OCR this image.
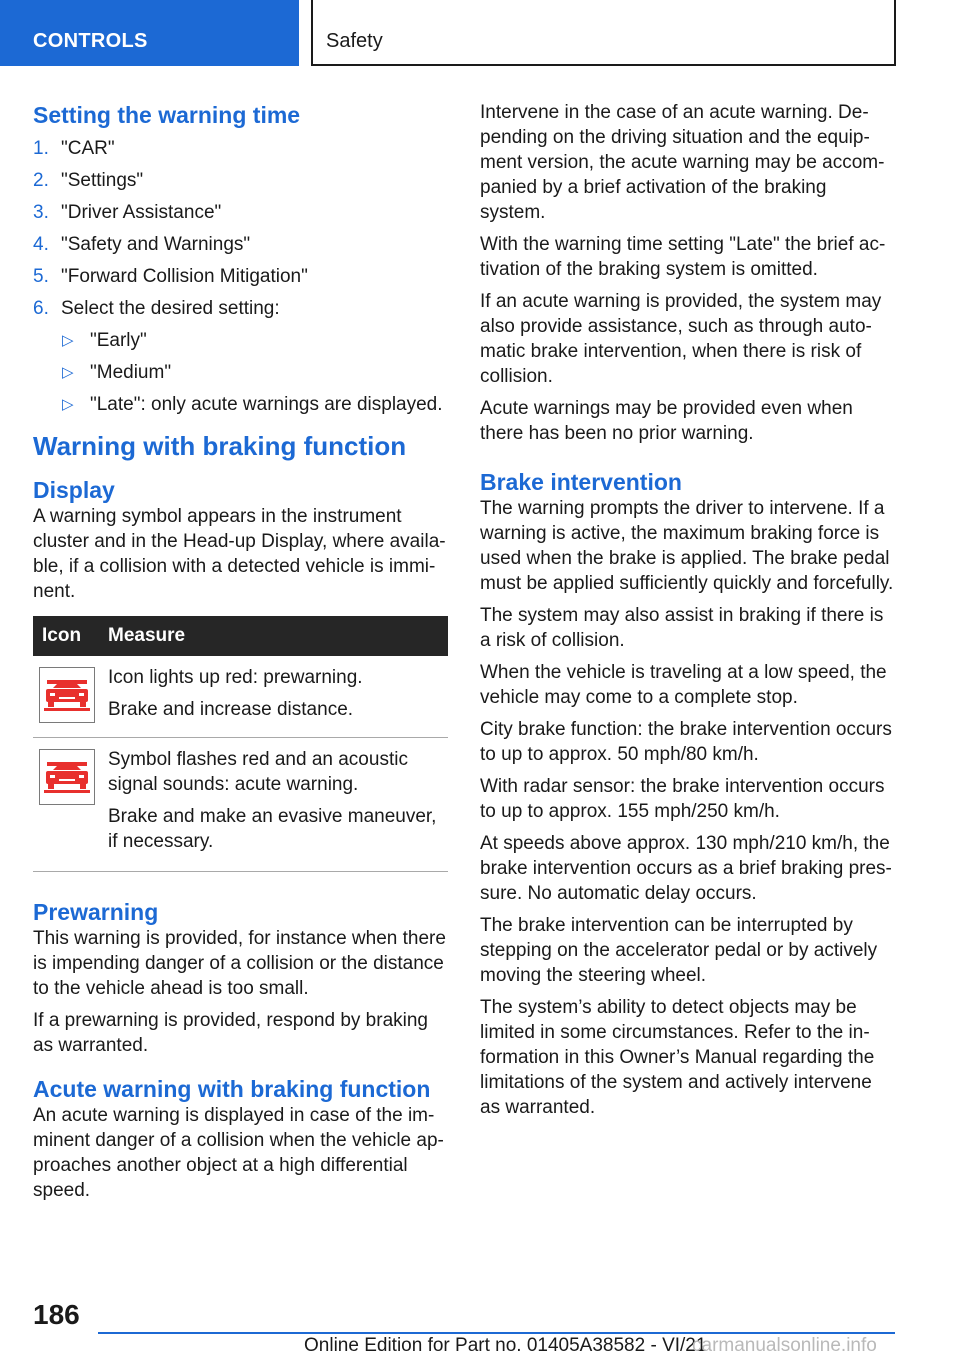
CONTROLS	Safety
Setting the warning time
1. "CAR"
2. "Settings"
3. "Driver Assistance"
4. "Safety and Warnings"
5. "Forward Collision Mitigation"
6. Select the desired setting:
▷ "Early"
▷ "Medium"
▷ "Late": only acute warnings are displayed.
Warning with braking function
Display

A warning symbol appears in the instrument cluster and in the Head-up Display, where available, if a collision with a detected vehicle is imminent.

Icon	Measure

Icon lights up red: prewarning.

Brake and increase distance.

Symbol flashes red and an acoustic signal sounds: acute warning.

Brake and make an evasive maneuver, if necessary.

Prewarning

This warning is provided, for instance when there is impending danger of a collision or the distance to the vehicle ahead is too small.

If a prewarning is provided, respond by braking as warranted.

Acute warning with braking function

An acute warning is displayed in case of the imminent danger of a collision when the vehicle approaches another object at a high differential speed.

Intervene in the case of an acute warning. Depending on the driving situation and the equipment version, the acute warning may be accompanied by a brief activation of the braking system.

With the warning time setting "Late" the brief activation of the braking system is omitted.

If an acute warning is provided, the system may also provide assistance, such as through automatic brake intervention, when there is risk of collision.

Acute warnings may be provided even when there has been no prior warning.

Brake intervention

The warning prompts the driver to intervene. If a warning is active, the maximum braking force is used when the brake is applied. The brake pedal must be applied sufficiently quickly and forcefully.

The system may also assist in braking if there is a risk of collision.

When the vehicle is traveling at a low speed, the vehicle may come to a complete stop.

City brake function: the brake intervention occurs to up to approx. 50 mph/80 km/h.

With radar sensor: the brake intervention occurs to up to approx. 155 mph/250 km/h.

At speeds above approx. 130 mph/210 km/h, the brake intervention occurs as a brief braking pressure. No automatic delay occurs.

The brake intervention can be interrupted by stepping on the accelerator pedal or by actively moving the steering wheel.

The system’s ability to detect objects may be limited in some circumstances. Refer to the information in this Owner’s Manual regarding the limitations of the system and actively intervene as warranted.

186
Online Edition for Part no. 01405A38582 - VI/21
carmanualsonline.info
